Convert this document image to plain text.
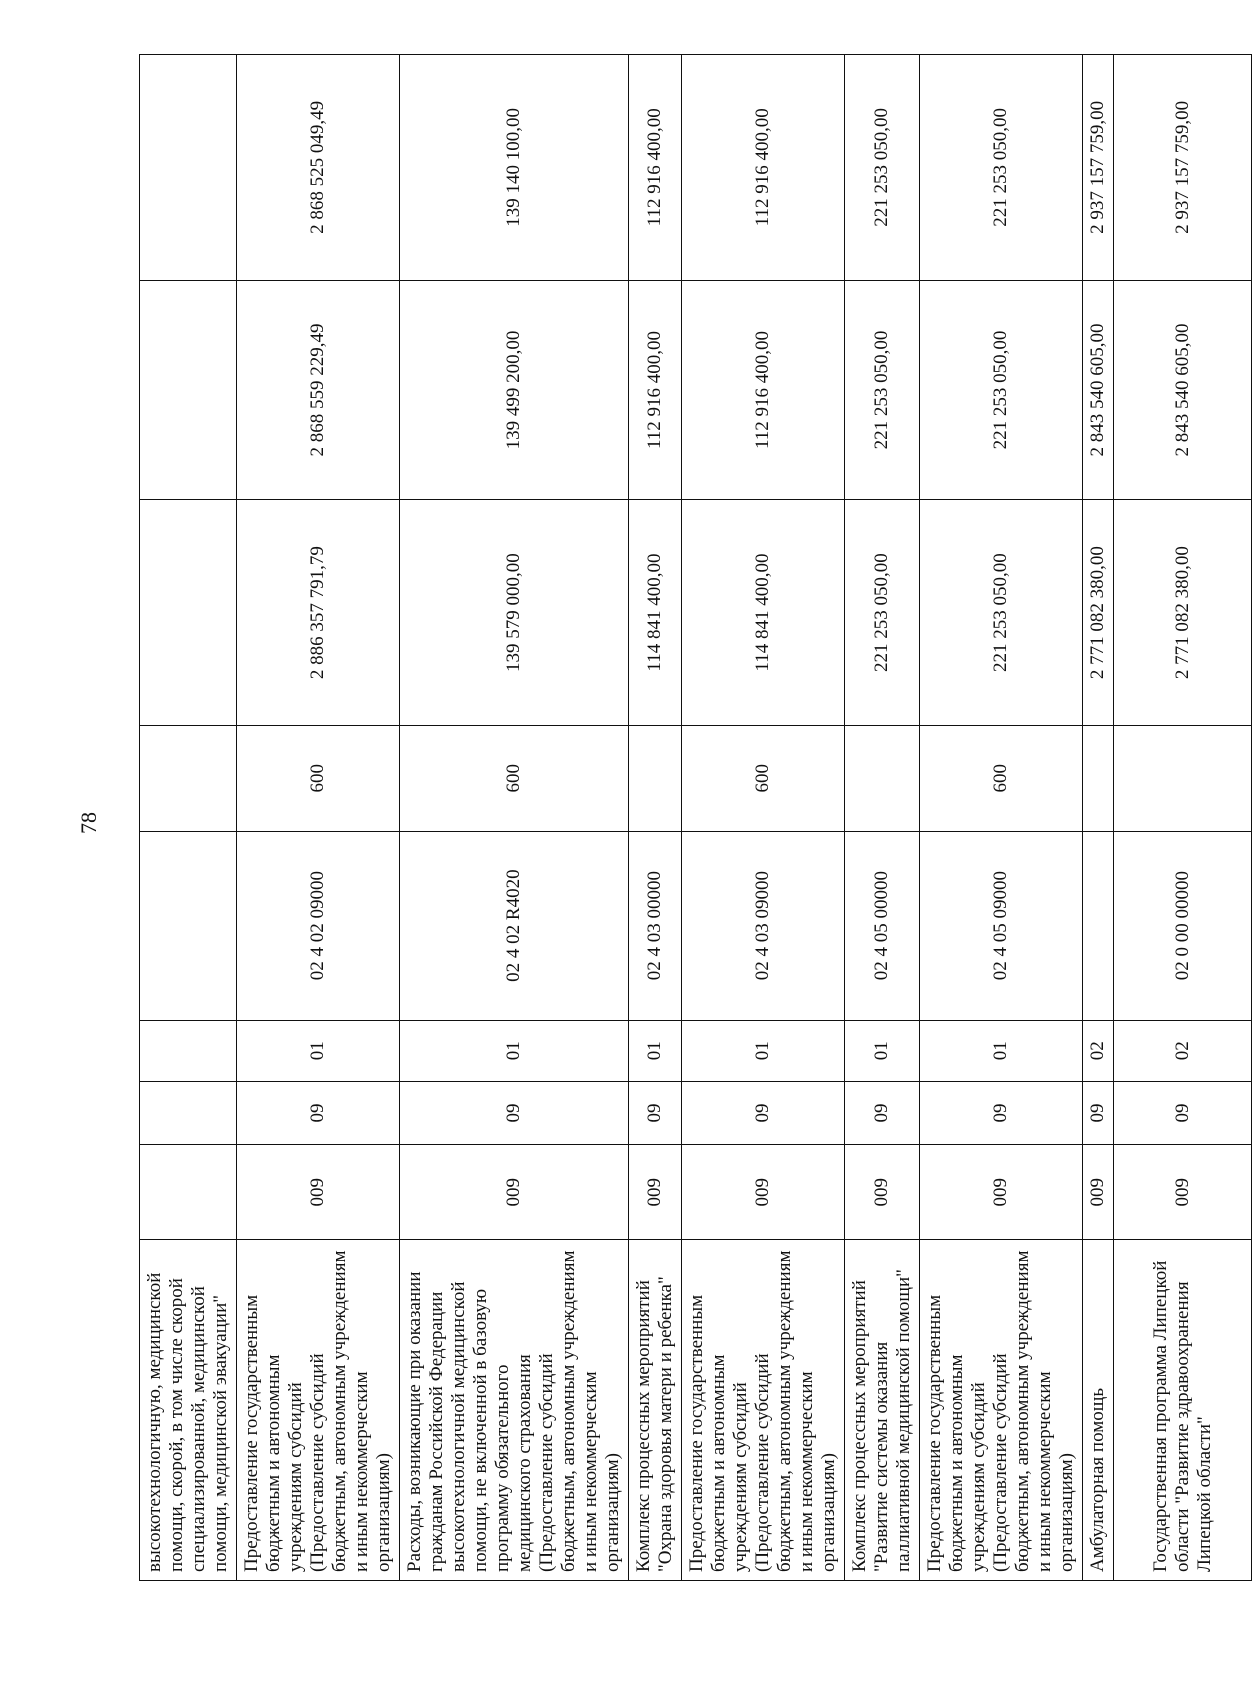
78
высокотехнологичную, медицинской помощи, скорой, в том числе скорой специализированной, медицинской помощи, медицинской эвакуации"								
Предоставление государственным бюджетным и автономным учреждениям субсидий (Предоставление субсидий бюджетным, автономным учреждениям и иным некоммерческим организациям)	009	09	01	02 4 02 09000	600	2 886 357 791,79	2 868 559 229,49	2 868 525 049,49
Расходы, возникающие при оказании гражданам Российской Федерации высокотехнологичной медицинской помощи, не включенной в базовую программу обязательного медицинского страхования (Предоставление субсидий бюджетным, автономным учреждениям и иным некоммерческим организациям)	009	09	01	02 4 02 R4020	600	139 579 000,00	139 499 200,00	139 140 100,00
Комплекс процессных мероприятий "Охрана здоровья матери и ребенка"	009	09	01	02 4 03 00000		114 841 400,00	112 916 400,00	112 916 400,00
Предоставление государственным бюджетным и автономным учреждениям субсидий (Предоставление субсидий бюджетным, автономным учреждениям и иным некоммерческим организациям)	009	09	01	02 4 03 09000	600	114 841 400,00	112 916 400,00	112 916 400,00
Комплекс процессных мероприятий "Развитие системы оказания паллиативной медицинской помощи"	009	09	01	02 4 05 00000		221 253 050,00	221 253 050,00	221 253 050,00
Предоставление государственным бюджетным и автономным учреждениям субсидий (Предоставление субсидий бюджетным, автономным учреждениям и иным некоммерческим организациям)	009	09	01	02 4 05 09000	600	221 253 050,00	221 253 050,00	221 253 050,00
Амбулаторная помощь	009	09	02			2 771 082 380,00	2 843 540 605,00	2 937 157 759,00
Государственная программа Липецкой области "Развитие здравоохранения Липецкой области"	009	09	02	02 0 00 00000		2 771 082 380,00	2 843 540 605,00	2 937 157 759,00
